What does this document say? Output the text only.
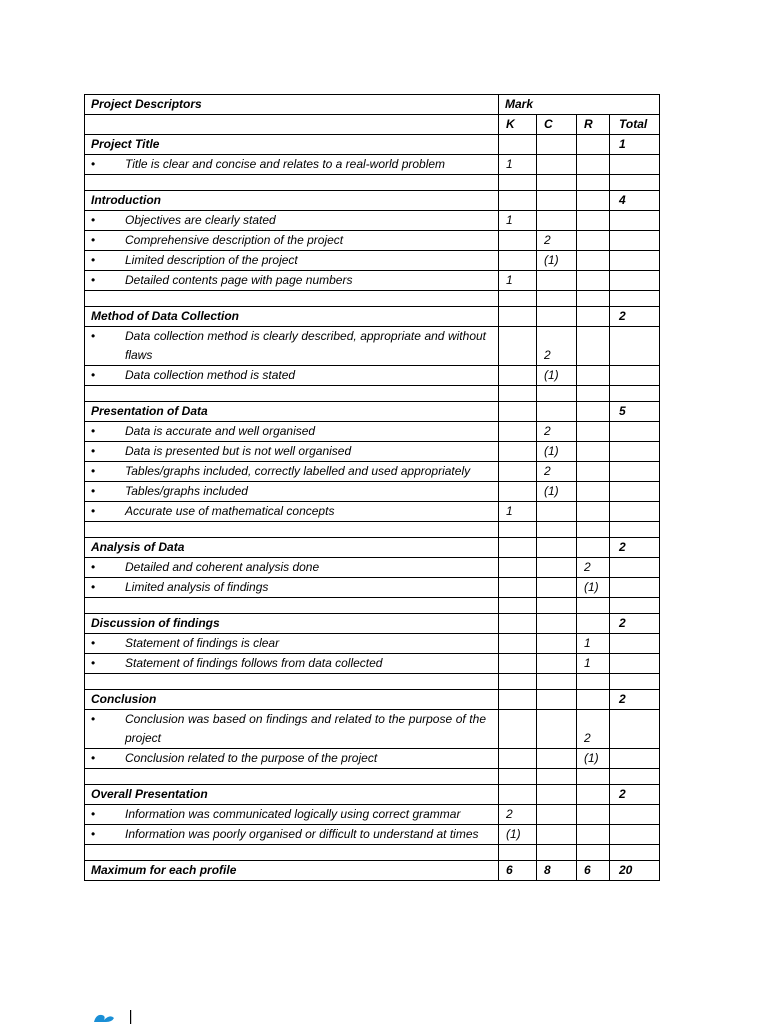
Project Descriptors	Mark			
	K	C	R	Total
Project Title				1

• Title is clear and concise and relates to a real-world problem	1			

Introduction				4

• Objectives are clearly stated	1			

• Comprehensive description of the project		2		

• Limited description of the project		(1)		

• Detailed contents page with page numbers	1			

Method of Data Collection				2

• Data collection method is clearly described, appropriate and without flaws		2		

• Data collection method is stated		(1)		

Presentation of Data				5

• Data is accurate and well organised		2		

• Data is presented but is not well organised		(1)		

• Tables/graphs included, correctly labelled and used appropriately		2		

• Tables/graphs included		(1)		

• Accurate use of mathematical concepts	1			

Analysis of Data				2

• Detailed and coherent analysis done			2	

• Limited analysis of findings			(1)	

Discussion of findings				2

• Statement of findings is clear			1	

• Statement of findings follows from data collected			1	

Conclusion				2

• Conclusion was based on findings and related to the purpose of the project			2	

• Conclusion related to the purpose of the project			(1)	

Overall Presentation				2

• Information was communicated logically using correct grammar	2			

• Information was poorly organised or difficult to understand at times	(1)			

Maximum for each profile	6	8	6	20
